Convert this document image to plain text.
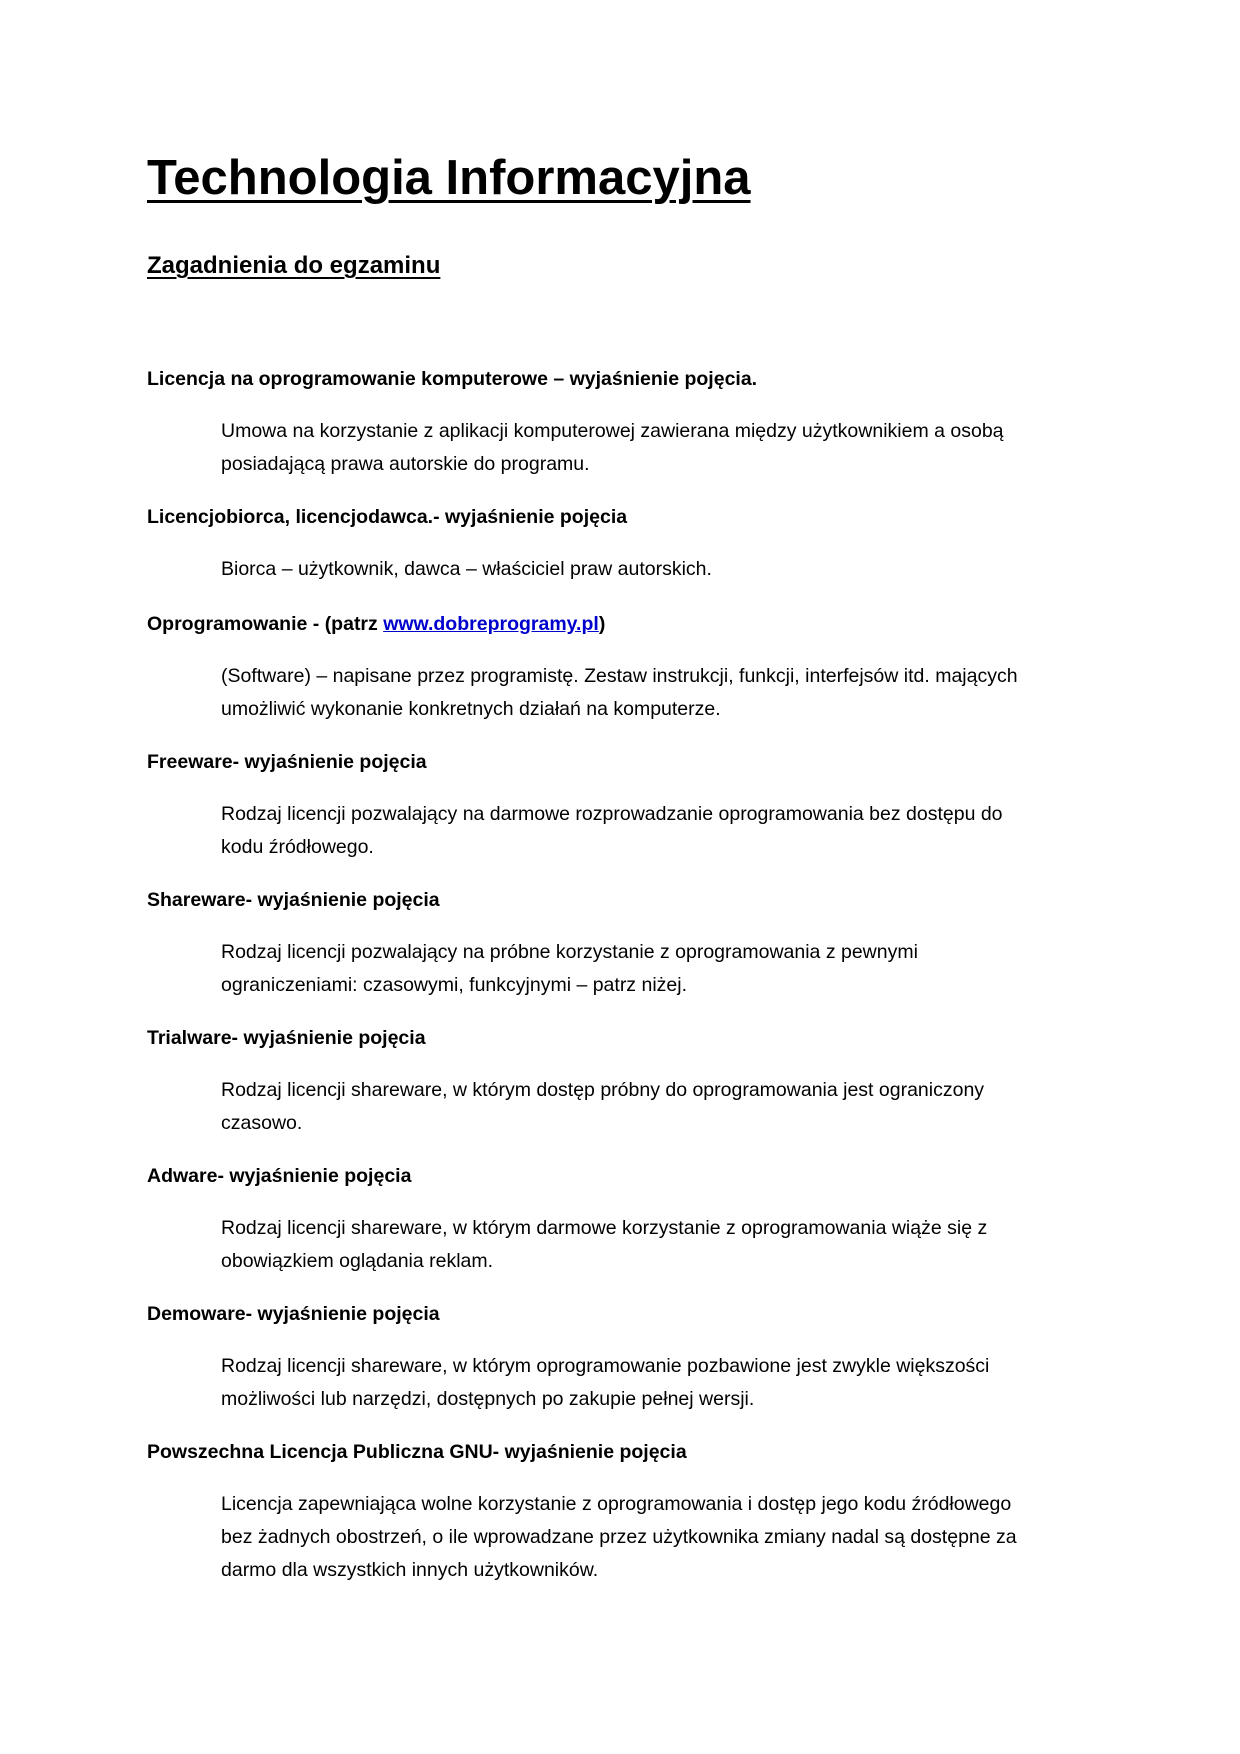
Technologia Informacyjna
Zagadnienia do egzaminu

Licencja na oprogramowanie komputerowe – wyjaśnienie pojęcia.

Umowa na korzystanie z aplikacji komputerowej zawierana między użytkownikiem a osobą
posiadającą prawa autorskie do programu.

Licencjobiorca, licencjodawca.- wyjaśnienie pojęcia

Biorca – użytkownik, dawca – właściciel praw autorskich.

Oprogramowanie - (patrz www.dobreprogramy.pl)

(Software) – napisane przez programistę. Zestaw instrukcji, funkcji, interfejsów itd. mających
umożliwić wykonanie konkretnych działań na komputerze.

Freeware- wyjaśnienie pojęcia

Rodzaj licencji pozwalający na darmowe rozprowadzanie oprogramowania bez dostępu do
kodu źródłowego.

Shareware- wyjaśnienie pojęcia

Rodzaj licencji pozwalający na próbne korzystanie z oprogramowania z pewnymi
ograniczeniami: czasowymi, funkcyjnymi – patrz niżej.

Trialware- wyjaśnienie pojęcia

Rodzaj licencji shareware, w którym dostęp próbny do oprogramowania jest ograniczony
czasowo.

Adware- wyjaśnienie pojęcia

Rodzaj licencji shareware, w którym darmowe korzystanie z oprogramowania wiąże się z
obowiązkiem oglądania reklam.

Demoware- wyjaśnienie pojęcia

Rodzaj licencji shareware, w którym oprogramowanie pozbawione jest zwykle większości
możliwości lub narzędzi, dostępnych po zakupie pełnej wersji.

Powszechna Licencja Publiczna GNU- wyjaśnienie pojęcia

Licencja zapewniająca wolne korzystanie z oprogramowania i dostęp jego kodu źródłowego
bez żadnych obostrzeń, o ile wprowadzane przez użytkownika zmiany nadal są dostępne za
darmo dla wszystkich innych użytkowników.
